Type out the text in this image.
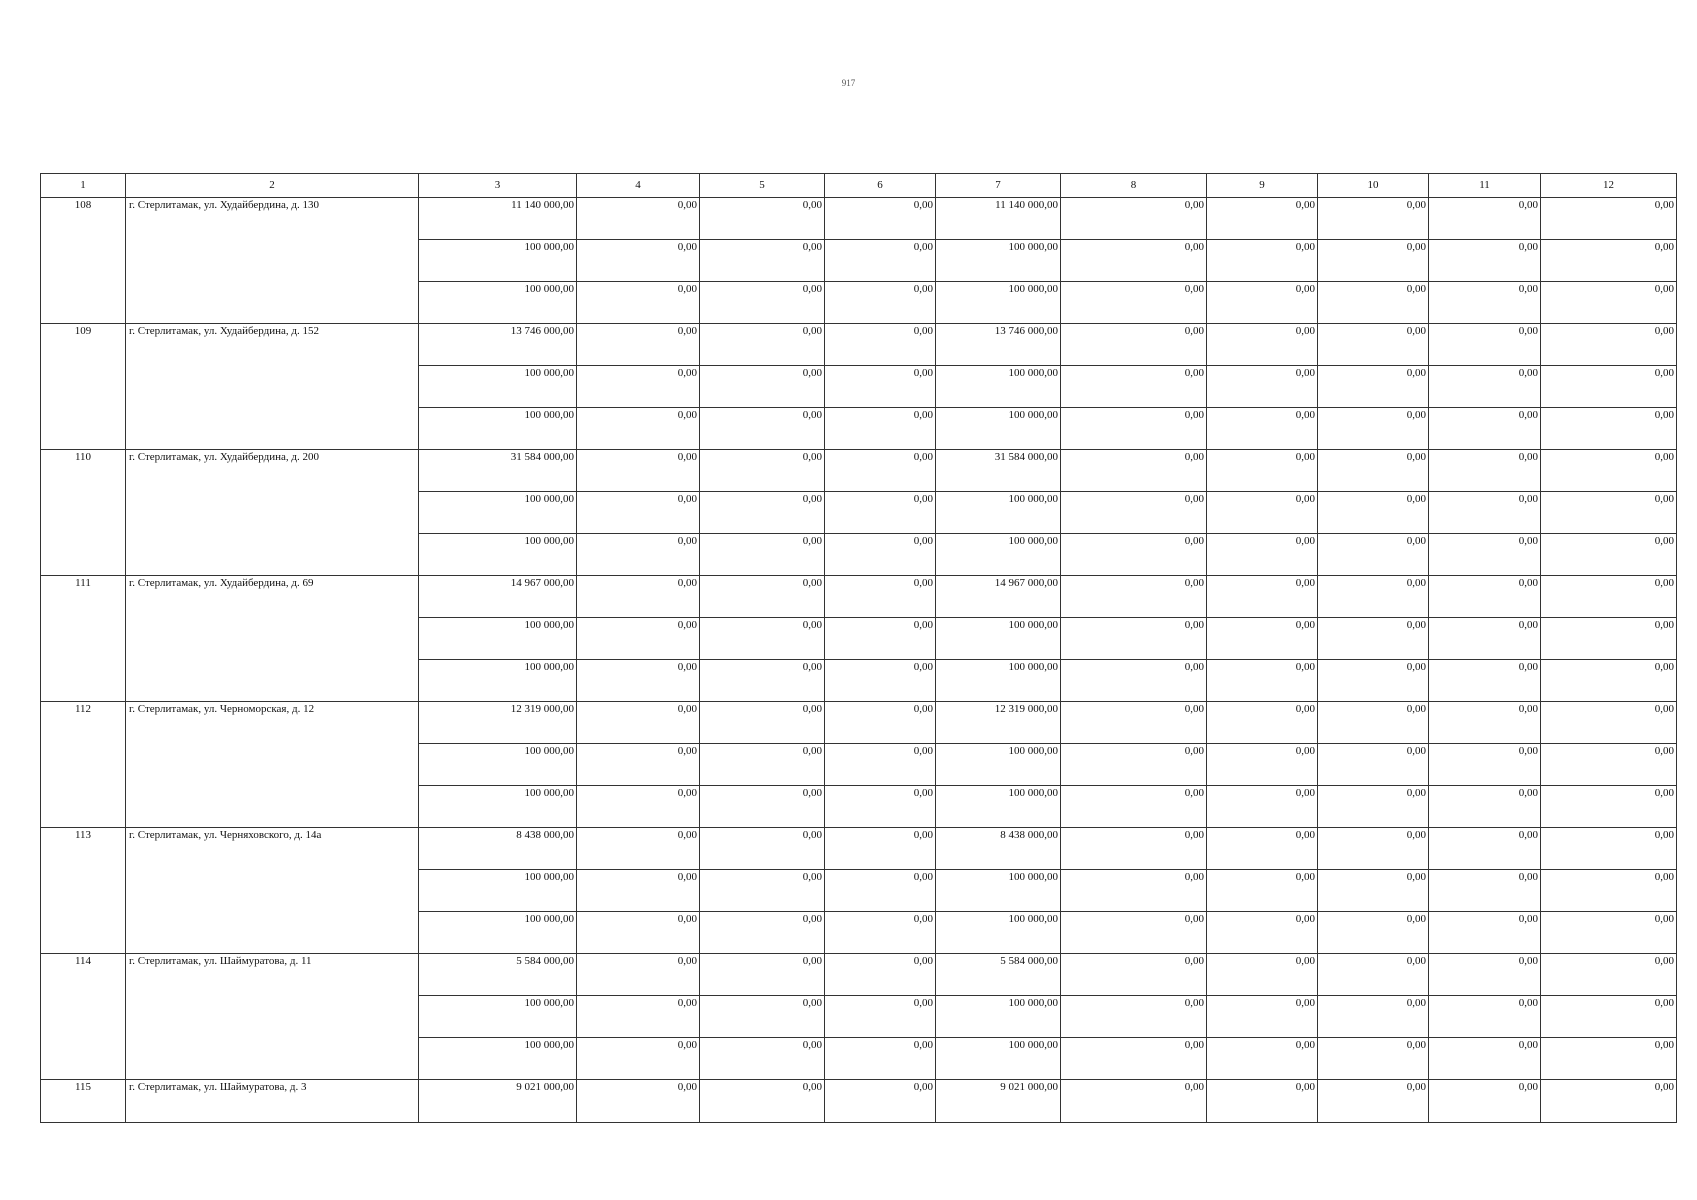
917
1	2	3	4	5	6	7	8	9	10	11	12
108	г. Стерлитамак, ул. Худайбердина, д. 130	11 140 000,00	0,00	0,00	0,00	11 140 000,00	0,00	0,00	0,00	0,00	0,00
		100 000,00	0,00	0,00	0,00	100 000,00	0,00	0,00	0,00	0,00	0,00
		100 000,00	0,00	0,00	0,00	100 000,00	0,00	0,00	0,00	0,00	0,00
109	г. Стерлитамак, ул. Худайбердина, д. 152	13 746 000,00	0,00	0,00	0,00	13 746 000,00	0,00	0,00	0,00	0,00	0,00
		100 000,00	0,00	0,00	0,00	100 000,00	0,00	0,00	0,00	0,00	0,00
		100 000,00	0,00	0,00	0,00	100 000,00	0,00	0,00	0,00	0,00	0,00
110	г. Стерлитамак, ул. Худайбердина, д. 200	31 584 000,00	0,00	0,00	0,00	31 584 000,00	0,00	0,00	0,00	0,00	0,00
		100 000,00	0,00	0,00	0,00	100 000,00	0,00	0,00	0,00	0,00	0,00
		100 000,00	0,00	0,00	0,00	100 000,00	0,00	0,00	0,00	0,00	0,00
111	г. Стерлитамак, ул. Худайбердина, д. 69	14 967 000,00	0,00	0,00	0,00	14 967 000,00	0,00	0,00	0,00	0,00	0,00
		100 000,00	0,00	0,00	0,00	100 000,00	0,00	0,00	0,00	0,00	0,00
		100 000,00	0,00	0,00	0,00	100 000,00	0,00	0,00	0,00	0,00	0,00
112	г. Стерлитамак, ул. Черноморская, д. 12	12 319 000,00	0,00	0,00	0,00	12 319 000,00	0,00	0,00	0,00	0,00	0,00
		100 000,00	0,00	0,00	0,00	100 000,00	0,00	0,00	0,00	0,00	0,00
		100 000,00	0,00	0,00	0,00	100 000,00	0,00	0,00	0,00	0,00	0,00
113	г. Стерлитамак, ул. Черняховского, д. 14а	8 438 000,00	0,00	0,00	0,00	8 438 000,00	0,00	0,00	0,00	0,00	0,00
		100 000,00	0,00	0,00	0,00	100 000,00	0,00	0,00	0,00	0,00	0,00
		100 000,00	0,00	0,00	0,00	100 000,00	0,00	0,00	0,00	0,00	0,00
114	г. Стерлитамак, ул. Шаймуратова, д. 11	5 584 000,00	0,00	0,00	0,00	5 584 000,00	0,00	0,00	0,00	0,00	0,00
		100 000,00	0,00	0,00	0,00	100 000,00	0,00	0,00	0,00	0,00	0,00
		100 000,00	0,00	0,00	0,00	100 000,00	0,00	0,00	0,00	0,00	0,00
115	г. Стерлитамак, ул. Шаймуратова, д. 3	9 021 000,00	0,00	0,00	0,00	9 021 000,00	0,00	0,00	0,00	0,00	0,00
